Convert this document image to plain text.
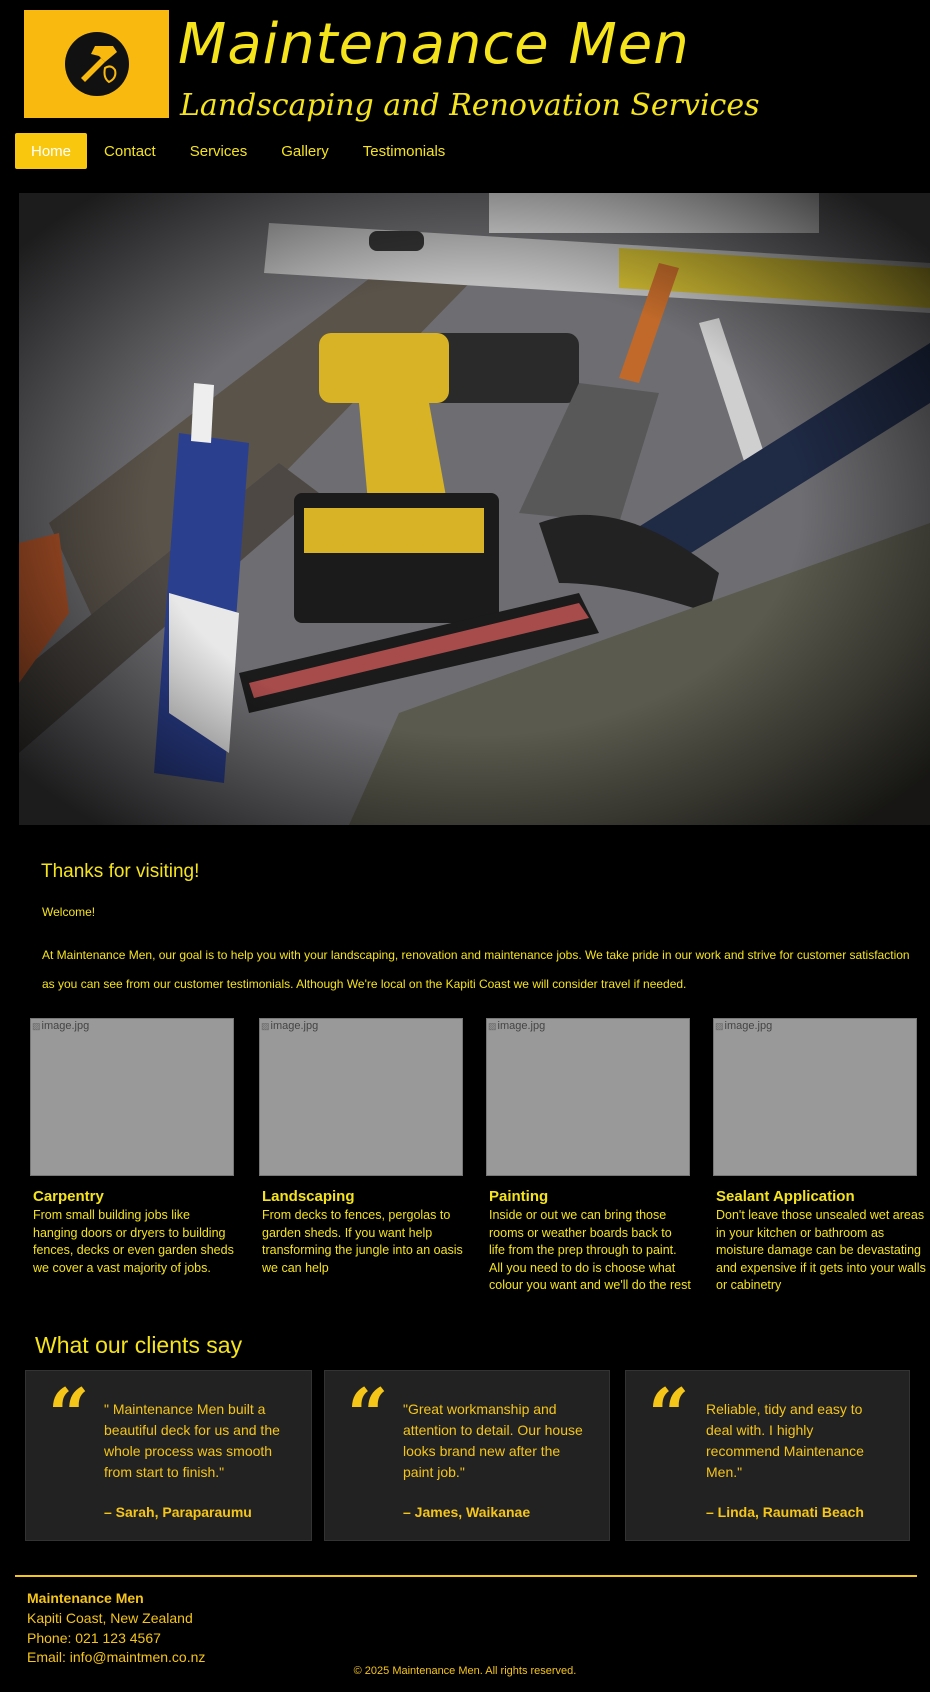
Maintenance Men
Landscaping and Renovation Services
Home	Contact	Services	Gallery	Testimonials
Thanks for visiting!
Welcome!
At Maintenance Men, our goal is to help you with your landscaping, renovation and maintenance jobs. We take pride in our work and strive for customer satisfaction as you can see from our customer testimonials. Although We're local on the Kapiti Coast we will consider travel if needed.
▨ image.jpg
Carpentry

From small building jobs like hanging doors or dryers to building fences, decks or even garden sheds we cover a vast majority of jobs.

▨ image.jpg
Landscaping

From decks to fences, pergolas to garden sheds. If you want help transforming the jungle into an oasis we can help

▨ image.jpg
Painting

Inside or out we can bring those rooms or weather boards back to life from the prep through to paint. All you need to do is choose what colour you want and we'll do the rest

▨ image.jpg
Sealant Application

Don't leave those unsealed wet areas in your kitchen or bathroom as moisture damage can be devastating and expensive if it gets into your walls or cabinetry

What our clients say
“ " Maintenance Men built a beautiful deck for us and the whole process was smooth from start to finish."
– Sarah, Paraparaumu
“ "Great workmanship and attention to detail. Our house looks brand new after the paint job."
– James, Waikanae
“ Reliable, tidy and easy to deal with. I highly recommend Maintenance Men."
– Linda, Raumati Beach
Maintenance Men
Kapiti Coast, New Zealand
Phone: 021 123 4567
Email: info@maintmen.co.nz
© 2025 Maintenance Men. All rights reserved.
